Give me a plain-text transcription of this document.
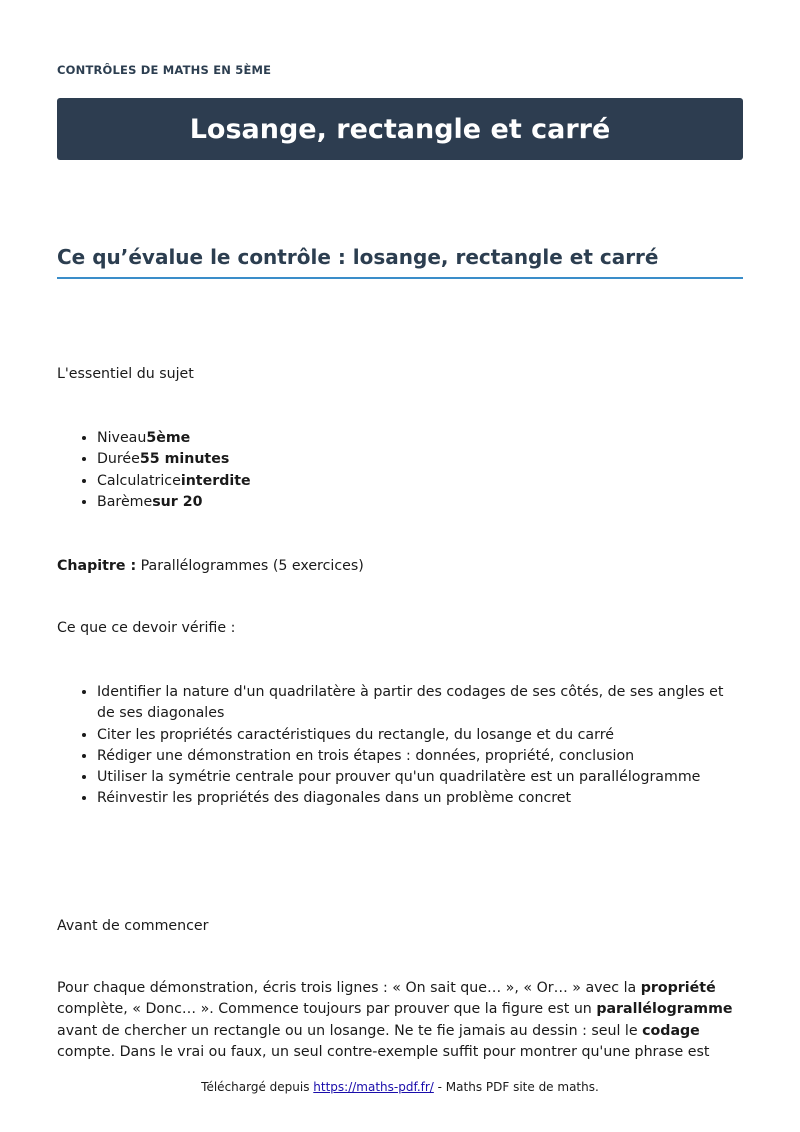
CONTRÔLES DE MATHS EN 5ÈME
Losange, rectangle et carré
Ce qu’évalue le contrôle : losange, rectangle et carré

L'essentiel du sujet

• Niveau5ème
• Durée55 minutes
• Calculatriceinterdite
• Barèmesur 20

Chapitre : Parallélogrammes (5 exercices)

Ce que ce devoir vérifie :

• Identifier la nature d'un quadrilatère à partir des codages de ses côtés, de ses angles et de ses diagonales
• Citer les propriétés caractéristiques du rectangle, du losange et du carré
• Rédiger une démonstration en trois étapes : données, propriété, conclusion
• Utiliser la symétrie centrale pour prouver qu'un quadrilatère est un parallélogramme
• Réinvestir les propriétés des diagonales dans un problème concret

Avant de commencer

Pour chaque démonstration, écris trois lignes : « On sait que… », « Or… » avec la propriété complète, « Donc… ». Commence toujours par prouver que la figure est un parallélogramme avant de chercher un rectangle ou un losange. Ne te fie jamais au dessin : seul le codage compte. Dans le vrai ou faux, un seul contre-exemple suffit pour montrer qu'une phrase est

Téléchargé depuis https://maths-pdf.fr/ - Maths PDF site de maths.
